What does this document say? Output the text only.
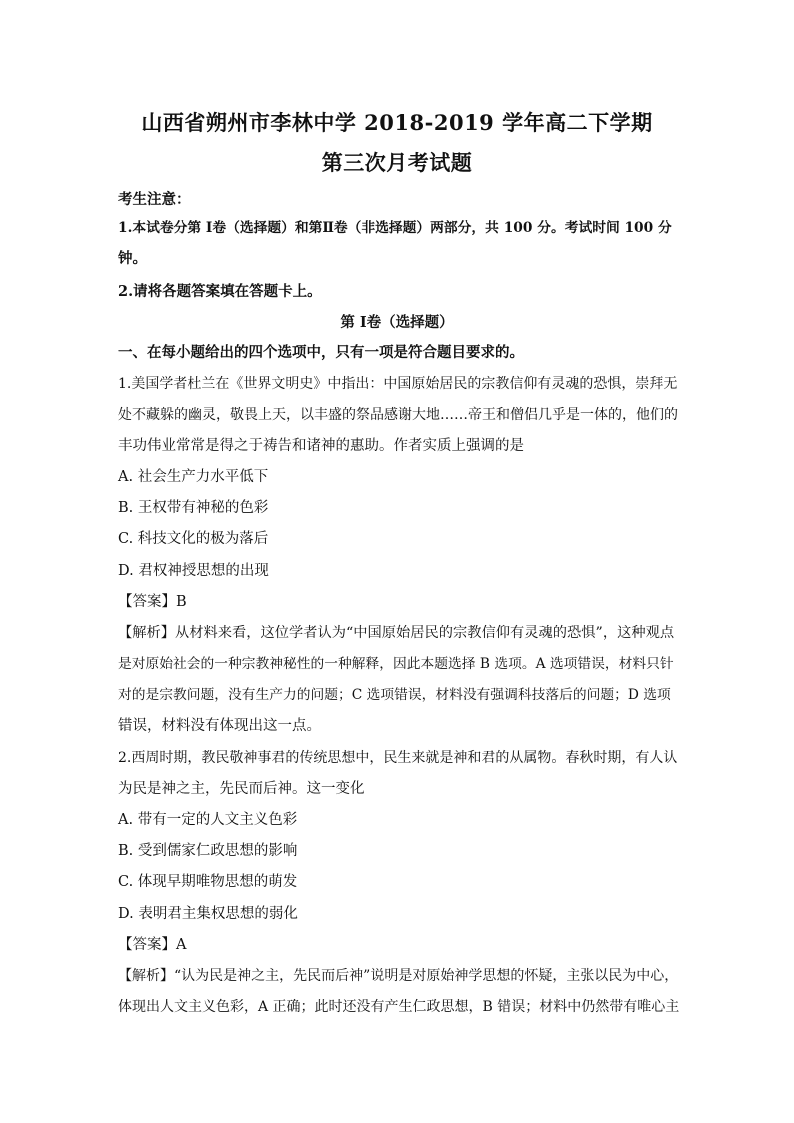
山西省朔州市李林中学 2018-2019 学年高二下学期
第三次月考试题
考生注意：
1.本试卷分第 Ⅰ卷（选择题）和第Ⅱ卷（非选择题）两部分，共 100 分。考试时间 100 分
钟。
2.请将各题答案填在答题卡上。
第 Ⅰ卷（选择题）
一、在每小题给出的四个选项中，只有一项是符合题目要求的。
1.美国学者杜兰在《世界文明史》中指出：中国原始居民的宗教信仰有灵魂的恐惧，崇拜无
处不藏躲的幽灵，敬畏上天，以丰盛的祭品感谢大地……帝王和僧侣几乎是一体的，他们的
丰功伟业常常是得之于祷告和诸神的惠助。作者实质上强调的是
A. 社会生产力水平低下
B. 王权带有神秘的色彩
C. 科技文化的极为落后
D. 君权神授思想的出现
【答案】B
【解析】从材料来看，这位学者认为“中国原始居民的宗教信仰有灵魂的恐惧”，这种观点
是对原始社会的一种宗教神秘性的一种解释，因此本题选择 B 选项。A 选项错误，材料只针
对的是宗教问题，没有生产力的问题；C 选项错误，材料没有强调科技落后的问题；D 选项
错误，材料没有体现出这一点。
2.西周时期，教民敬神事君的传统思想中，民生来就是神和君的从属物。春秋时期，有人认
为民是神之主，先民而后神。这一变化
A. 带有一定的人文主义色彩
B. 受到儒家仁政思想的影响
C. 体现早期唯物思想的萌发
D. 表明君主集权思想的弱化
【答案】A
【解析】“认为民是神之主，先民而后神”说明是对原始神学思想的怀疑，主张以民为中心，
体现出人文主义色彩，A 正确；此时还没有产生仁政思想，B 错误；材料中仍然带有唯心主
